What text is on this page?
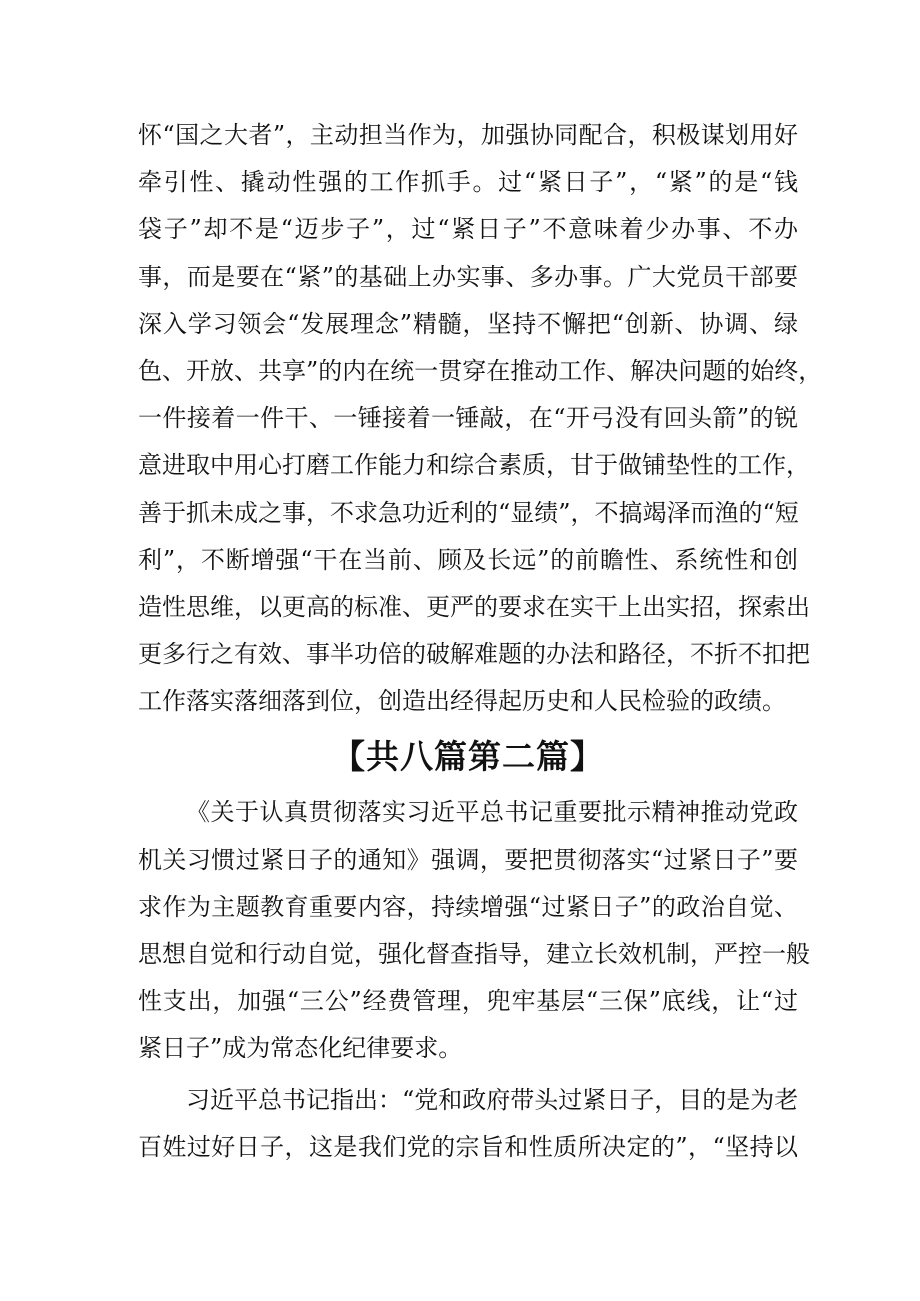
怀“国之大者”，主动担当作为，加强协同配合，积极谋划用好
牵引性、撬动性强的工作抓手。过“紧日子”，“紧”的是“钱
袋子”却不是“迈步子”，过“紧日子”不意味着少办事、不办
事，而是要在“紧”的基础上办实事、多办事。广大党员干部要
深入学习领会“发展理念”精髓，坚持不懈把“创新、协调、绿
色、开放、共享”的内在统一贯穿在推动工作、解决问题的始终，
一件接着一件干、一锤接着一锤敲，在“开弓没有回头箭”的锐
意进取中用心打磨工作能力和综合素质，甘于做铺垫性的工作，
善于抓未成之事，不求急功近利的“显绩”，不搞竭泽而渔的“短
利”，不断增强“干在当前、顾及长远”的前瞻性、系统性和创
造性思维，以更高的标准、更严的要求在实干上出实招，探索出
更多行之有效、事半功倍的破解难题的办法和路径，不折不扣把
工作落实落细落到位，创造出经得起历史和人民检验的政绩。
【共八篇第二篇】
《关于认真贯彻落实习近平总书记重要批示精神推动党政
机关习惯过紧日子的通知》强调，要把贯彻落实“过紧日子”要
求作为主题教育重要内容，持续增强“过紧日子”的政治自觉、
思想自觉和行动自觉，强化督查指导，建立长效机制，严控一般
性支出，加强“三公”经费管理，兜牢基层“三保”底线，让“过
紧日子”成为常态化纪律要求。
习近平总书记指出：“党和政府带头过紧日子，目的是为老
百姓过好日子，这是我们党的宗旨和性质所决定的”，“坚持以
